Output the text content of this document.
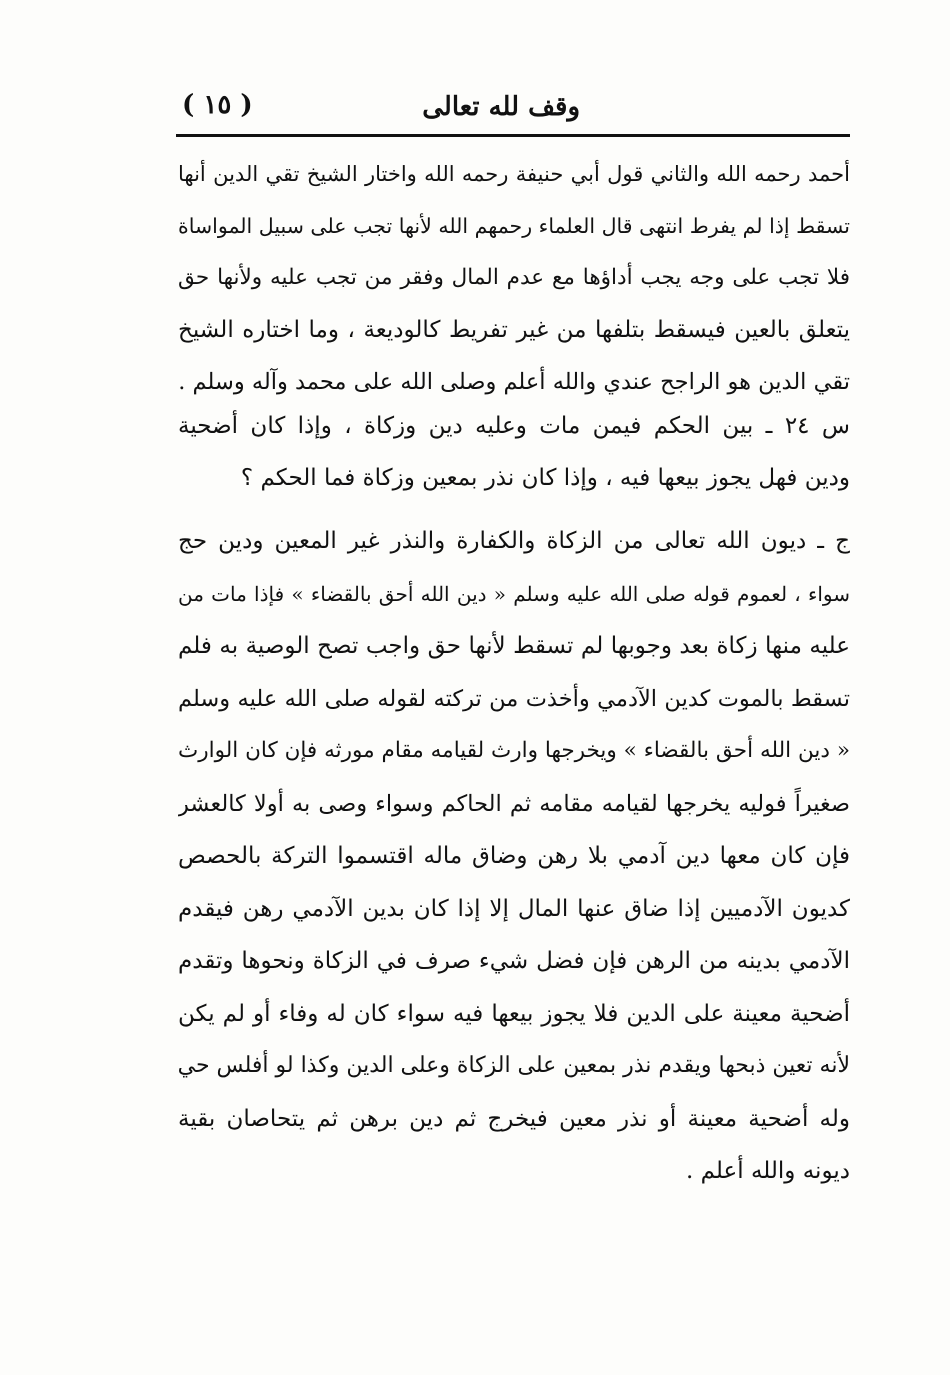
وقف لله تعالى
( ١٥ )
أحمد رحمه الله والثاني قول أبي حنيفة رحمه الله واختار الشيخ تقي الدين أنها
تسقط إذا لم يفرط انتهى قال العلماء رحمهم الله لأنها تجب على سبيل المواساة
فلا تجب على وجه يجب أداؤها مع عدم المال وفقر من تجب عليه ولأنها حق
يتعلق بالعين فيسقط بتلفها من غير تفريط كالوديعة ، وما اختاره الشيخ
تقي الدين هو الراجح عندي والله أعلم وصلى الله على محمد وآله وسلم .
س ٢٤ ـ بين الحكم فيمن مات وعليه دين وزكاة ، وإذا كان أضحية
ودين فهل يجوز بيعها فيه ، وإذا كان نذر بمعين وزكاة فما الحكم ؟
ج ـ ديون الله تعالى من الزكاة والكفارة والنذر غير المعين ودين حج
سواء ، لعموم قوله صلى الله عليه وسلم « دين الله أحق بالقضاء » فإذا مات من
عليه منها زكاة بعد وجوبها لم تسقط لأنها حق واجب تصح الوصية به فلم
تسقط بالموت كدين الآدمي وأخذت من تركته لقوله صلى الله عليه وسلم
« دين الله أحق بالقضاء » ويخرجها وارث لقيامه مقام مورثه فإن كان الوارث
صغيراً فوليه يخرجها لقيامه مقامه ثم الحاكم وسواء وصى به أولا كالعشر
فإن كان معها دين آدمي بلا رهن وضاق ماله اقتسموا التركة بالحصص
كديون الآدميين إذا ضاق عنها المال إلا إذا كان بدين الآدمي رهن فيقدم
الآدمي بدينه من الرهن فإن فضل شيء صرف في الزكاة ونحوها وتقدم
أضحية معينة على الدين فلا يجوز بيعها فيه سواء كان له وفاء أو لم يكن
لأنه تعين ذبحها ويقدم نذر بمعين على الزكاة وعلى الدين وكذا لو أفلس حي
وله أضحية معينة أو نذر معين فيخرج ثم دين برهن ثم يتحاصان بقية
ديونه والله أعلم .
